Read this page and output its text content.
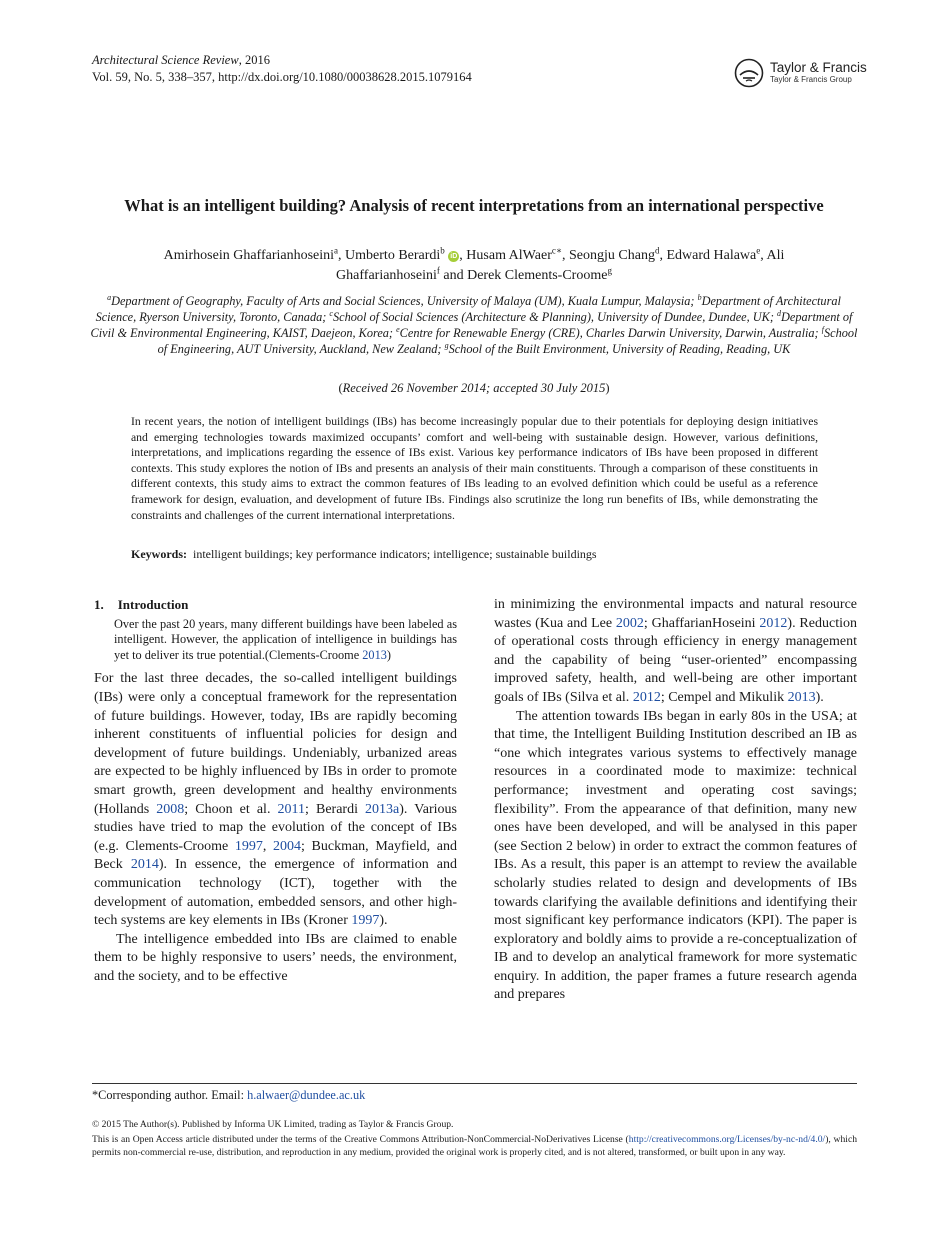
Architectural Science Review, 2016
Vol. 59, No. 5, 338–357, http://dx.doi.org/10.1080/00038628.2015.1079164
Taylor & Francis
Taylor & Francis Group
What is an intelligent building? Analysis of recent interpretations from an international perspective
Amirhosein Ghaffarianhoseini$^a$, Umberto Berardi$^b$ iD , Husam AlWaer$^{c∗}$, Seongju Chang$^d$, Edward Halawa$^e$, Ali Ghaffarianhoseini$^f$ and Derek Clements-Croome$^g$
$^a$Department of Geography, Faculty of Arts and Social Sciences, University of Malaya (UM), Kuala Lumpur, Malaysia; $^b$Department of Architectural Science, Ryerson University, Toronto, Canada; $^c$School of Social Sciences (Architecture & Planning), University of Dundee, Dundee, UK; $^d$Department of Civil & Environmental Engineering, KAIST, Daejeon, Korea; $^e$Centre for Renewable Energy (CRE), Charles Darwin University, Darwin, Australia; $^f$School of Engineering, AUT University, Auckland, New Zealand; $^g$School of the Built Environment, University of Reading, Reading, UK
(Received 26 November 2014; accepted 30 July 2015)
In recent years, the notion of intelligent buildings (IBs) has become increasingly popular due to their potentials for deploying design initiatives and emerging technologies towards maximized occupants’ comfort and well-being with sustainable design. However, various definitions, interpretations, and implications regarding the essence of IBs exist. Various key performance indicators of IBs have been proposed in different contexts. This study explores the notion of IBs and presents an analysis of their main constituents. Through a comparison of these constituents in different contexts, this study aims to extract the common features of IBs leading to an evolved definition which could be useful as a reference framework for design, evaluation, and development of future IBs. Findings also scrutinize the long run benefits of IBs, while demonstrating the constraints and challenges of the current international interpretations.
Keywords: intelligent buildings; key performance indicators; intelligence; sustainable buildings
1. Introduction
Over the past 20 years, many different buildings have been labeled as intelligent. However, the application of intelligence in buildings has yet to deliver its true potential.(Clements-Croome 2013)

For the last three decades, the so-called intelligent buildings (IBs) were only a conceptual framework for the representation of future buildings. However, today, IBs are rapidly becoming inherent constituents of influential policies for design and development of future buildings. Undeniably, urbanized areas are expected to be highly influenced by IBs in order to promote smart growth, green development and healthy environments (Hollands 2008; Choon et al. 2011; Berardi 2013a). Various studies have tried to map the evolution of the concept of IBs (e.g. Clements-Croome 1997, 2004; Buckman, Mayfield, and Beck 2014). In essence, the emergence of information and communication technology (ICT), together with the development of automation, embedded sensors, and other high-tech systems are key elements in IBs (Kroner 1997).

The intelligence embedded into IBs are claimed to enable them to be highly responsive to users’ needs, the environment, and the society, and to be effective

in minimizing the environmental impacts and natural resource wastes (Kua and Lee 2002; GhaffarianHoseini 2012). Reduction of operational costs through efficiency in energy management and the capability of being “user-oriented” encompassing improved safety, health, and well-being are other important goals of IBs (Silva et al. 2012; Cempel and Mikulik 2013).

The attention towards IBs began in early 80s in the USA; at that time, the Intelligent Building Institution described an IB as “one which integrates various systems to effectively manage resources in a coordinated mode to maximize: technical performance; investment and operating cost savings; flexibility”. From the appearance of that definition, many new ones have been developed, and will be analysed in this paper (see Section 2 below) in order to extract the common features of IBs. As a result, this paper is an attempt to review the available scholarly studies related to design and developments of IBs towards clarifying the available definitions and identifying their most significant key performance indicators (KPI). The paper is exploratory and boldly aims to provide a re-conceptualization of IB and to develop an analytical framework for more systematic enquiry. In addition, the paper frames a future research agenda and prepares

*Corresponding author. Email: h.alwaer@dundee.ac.uk
© 2015 The Author(s). Published by Informa UK Limited, trading as Taylor & Francis Group.
This is an Open Access article distributed under the terms of the Creative Commons Attribution-NonCommercial-NoDerivatives License (http://creativecommons.org/Licenses/by-nc-nd/4.0/), which permits non-commercial re-use, distribution, and reproduction in any medium, provided the original work is properly cited, and is not altered, transformed, or built upon in any way.
